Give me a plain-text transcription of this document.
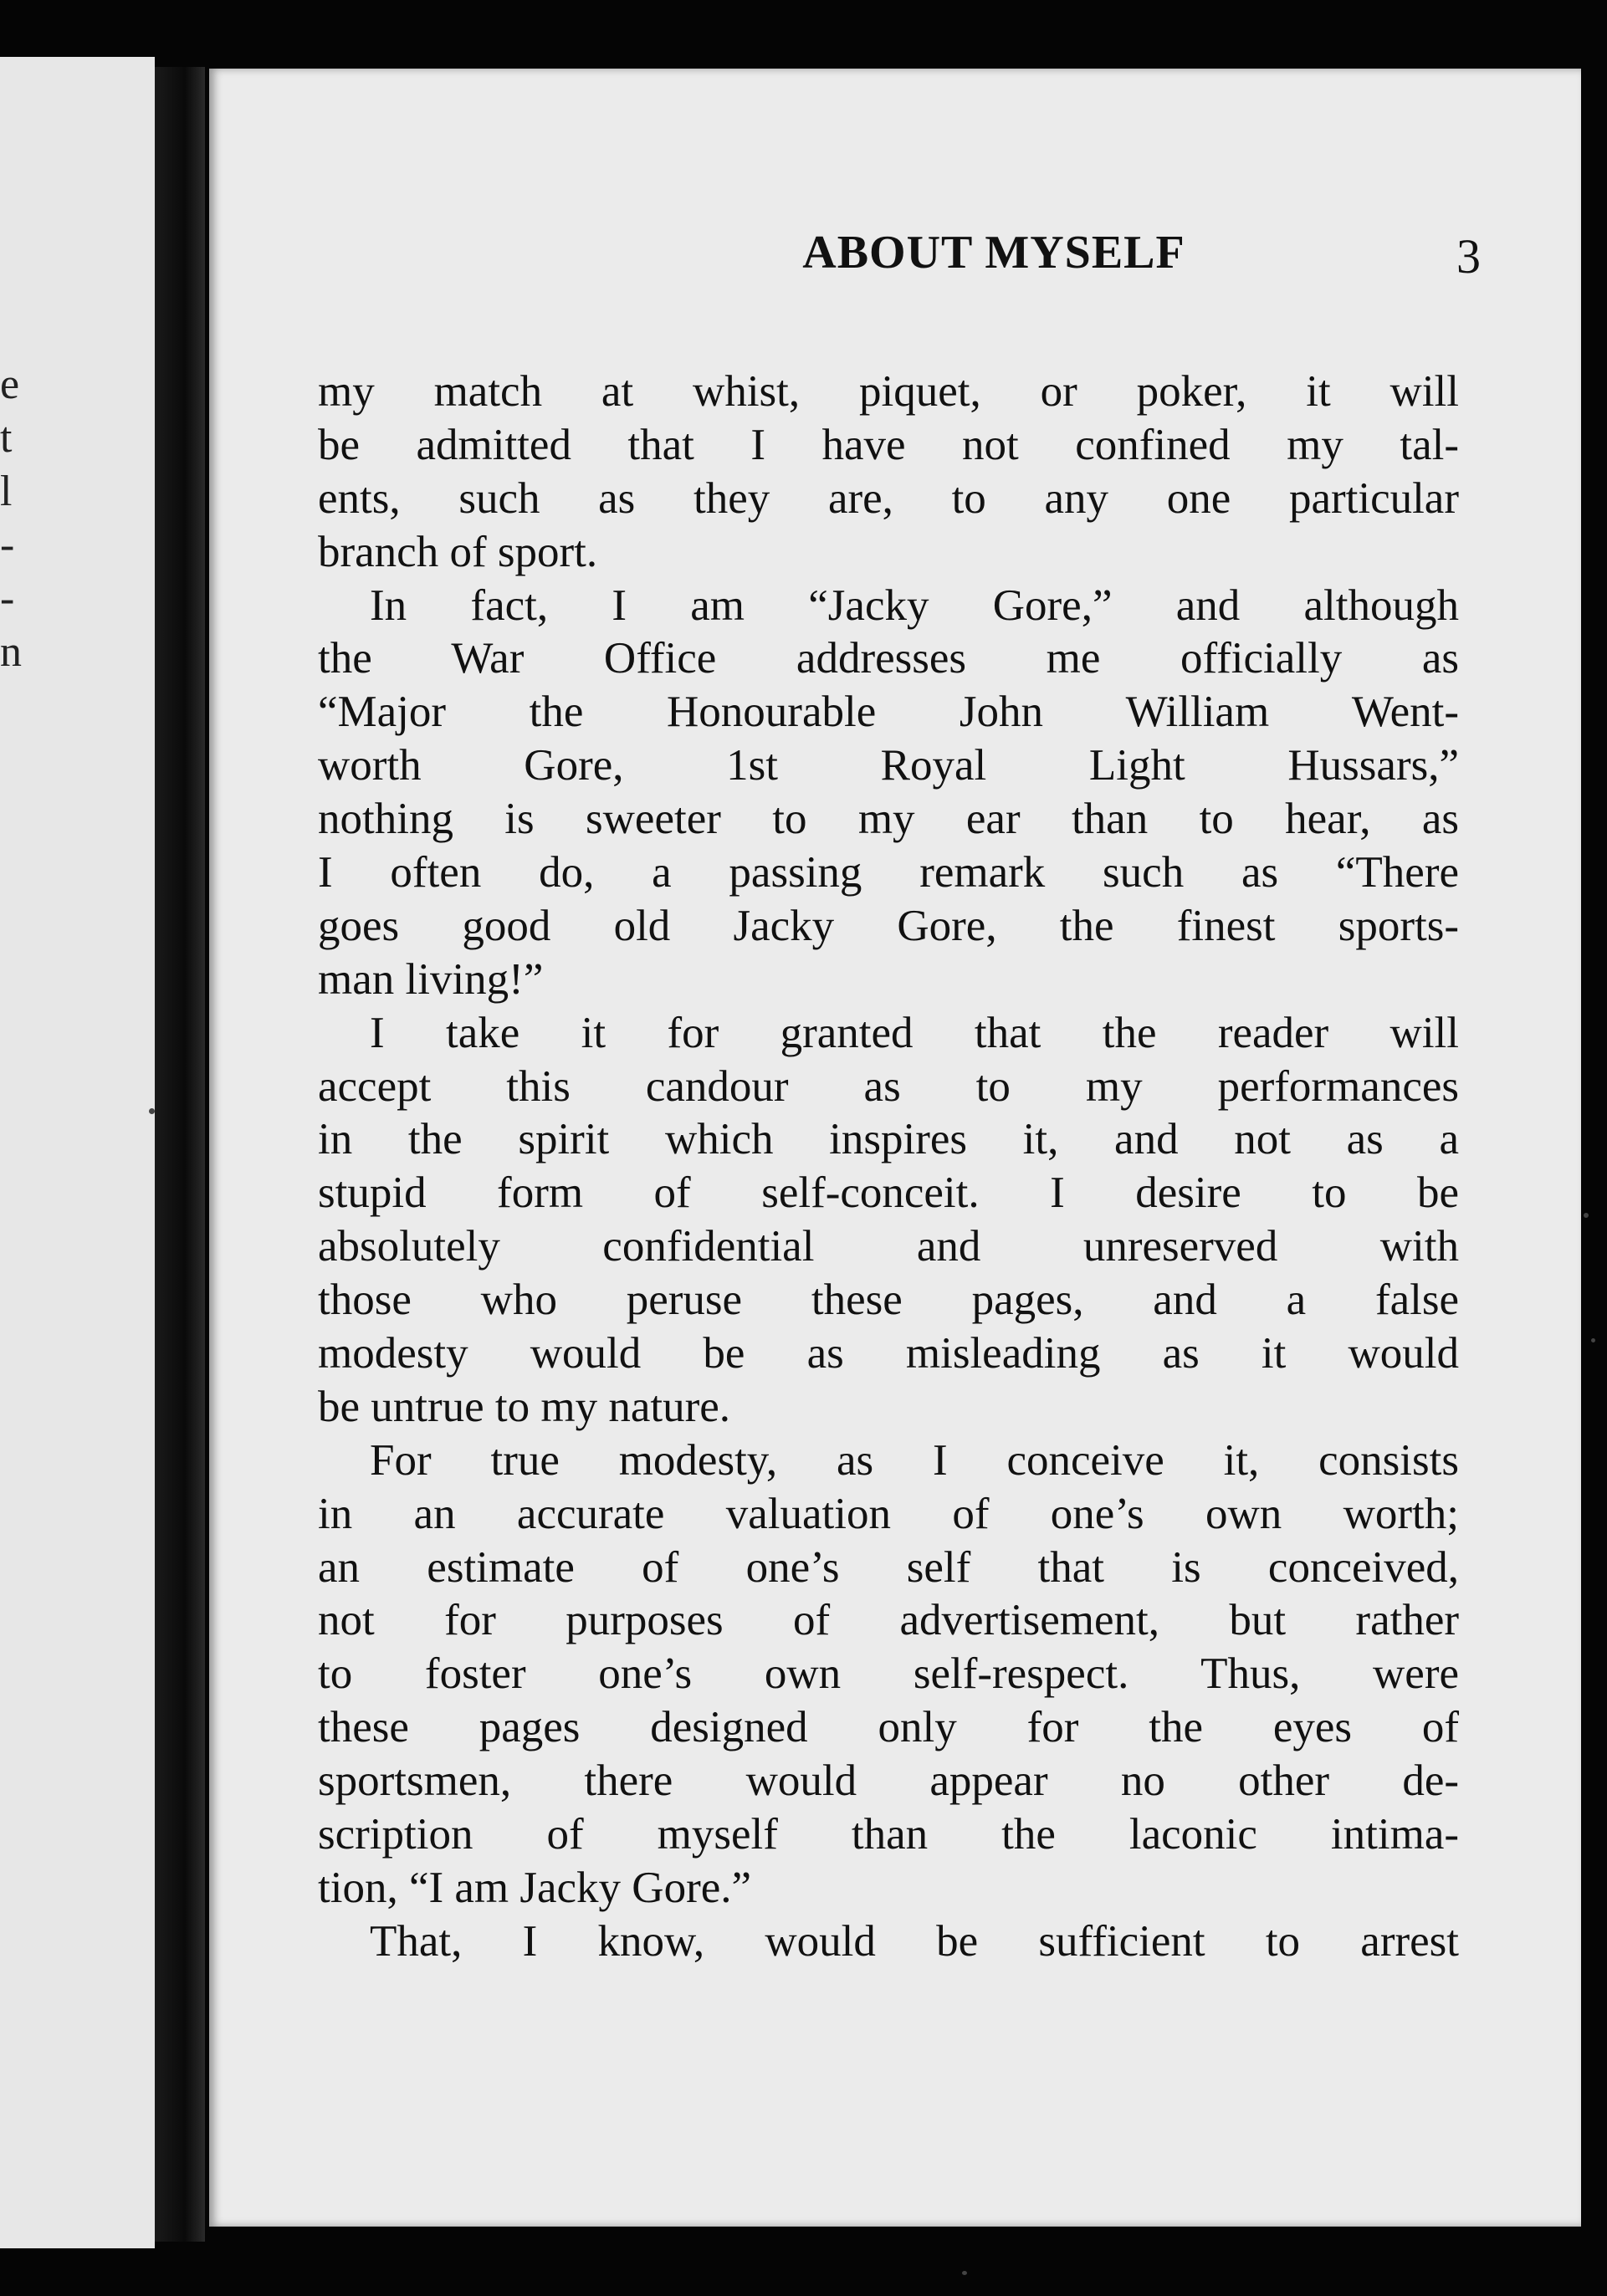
e
t
l
-
-
n
ABOUT MYSELF	3
my match at whist, piquet, or poker, it will
be admitted that I have not confined my tal-
ents, such as they are, to any one particular
branch of sport.
In fact, I am “Jacky Gore,” and although
the War Office addresses me officially as
“Major the Honourable John William Went-
worth Gore, 1st Royal Light Hussars,”
nothing is sweeter to my ear than to hear, as
I often do, a passing remark such as “There
goes good old Jacky Gore, the finest sports-
man living!”
I take it for granted that the reader will
accept this candour as to my performances
in the spirit which inspires it, and not as a
stupid form of self-conceit. I desire to be
absolutely confidential and unreserved with
those who peruse these pages, and a false
modesty would be as misleading as it would
be untrue to my nature.
For true modesty, as I conceive it, consists
in an accurate valuation of one’s own worth;
an estimate of one’s self that is conceived,
not for purposes of advertisement, but rather
to foster one’s own self-respect. Thus, were
these pages designed only for the eyes of
sportsmen, there would appear no other de-
scription of myself than the laconic intima-
tion, “I am Jacky Gore.”
That, I know, would be sufficient to arrest
